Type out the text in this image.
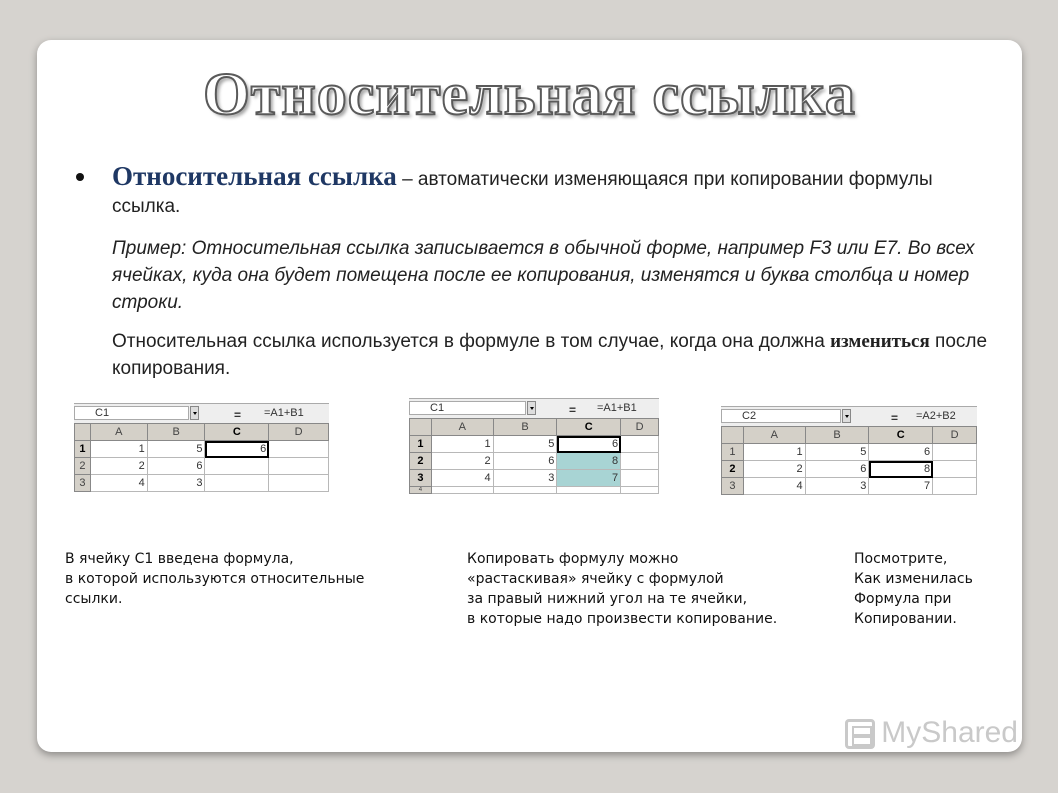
Относительная ссылка
Относительная ссылка – автоматически изменяющаяся при копировании формулы ссылка.
Пример: Относительная ссылка записывается в обычной форме, например F3 или E7. Во всех ячейках, куда она будет помещена после ее копирования, изменятся и буква столбца и номер строки.
Относительная ссылка используется в формуле в том случае, когда она должна измениться после копирования.
C1	= =A1+B1
	A	B	C	D
1	1	5	6	
2	2	6		
3	4	3		
C1	= =A1+B1
	A	B	C	D
1	1	5	6	
2	2	6	8	
3	4	3	7	
4				
C2	= =A2+B2
	A	B	C	D
1	1	5	6	
2	2	6	8	
3	4	3	7	
В ячейку С1 введена формула,
в которой используются относительные
ссылки.
Копировать формулу можно
«растаскивая» ячейку с формулой
за правый нижний угол на те ячейки,
в которые надо произвести копирование.
Посмотрите,
Как изменилась
Формула при
Копировании.
MyShared
